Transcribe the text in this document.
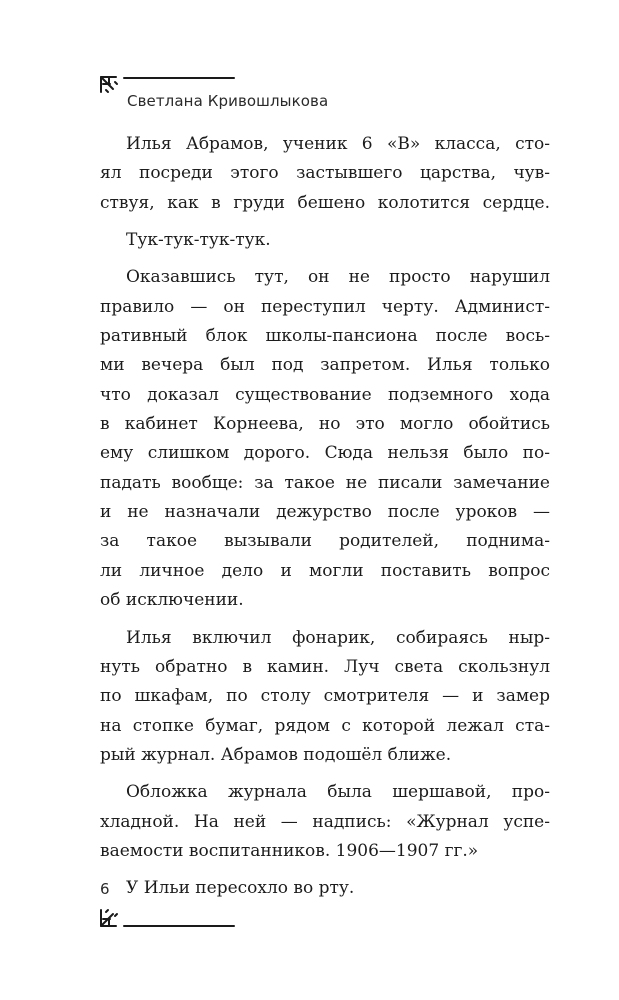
Светлана Кривошлыкова
Илья Абрамов, ученик 6 «В» класса, сто-
ял посреди этого застывшего царства, чув-
ствуя, как в груди бешено колотится сердце.
Тук-тук-тук-тук.
Оказавшись тут, он не просто нарушил
правило — он переступил черту. Админист-
ративный блок школы-пансиона после вось-
ми вечера был под запретом. Илья только
что доказал существование подземного хода
в кабинет Корнеева, но это могло обойтись
ему слишком дорого. Сюда нельзя было по-
падать вообще: за такое не писали замечание
и не назначали дежурство после уроков —
за такое вызывали родителей, поднима-
ли личное дело и могли поставить вопрос
об исключении.
Илья включил фонарик, собираясь ныр-
нуть обратно в камин. Луч света скользнул
по шкафам, по столу смотрителя — и замер
на стопке бумаг, рядом с которой лежал ста-
рый журнал. Абрамов подошёл ближе.
Обложка журнала была шершавой, про-
хладной. На ней — надпись: «Журнал успе-
ваемости воспитанников. 1906—1907 гг.»
У Ильи пересохло во рту.
6
